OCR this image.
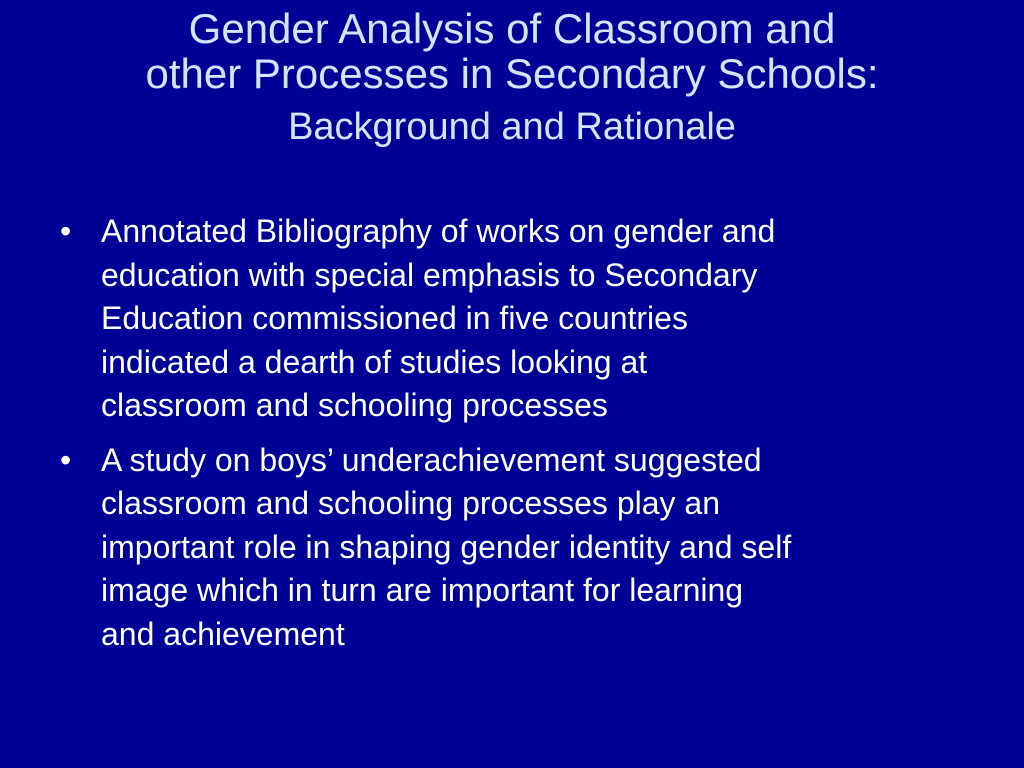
Gender Analysis of Classroom and
other Processes in Secondary Schools:
Background and Rationale
• Annotated Bibliography of works on gender and
education with special emphasis to Secondary
Education commissioned in five countries
indicated a dearth of studies looking at
classroom and schooling processes
• A study on boys’ underachievement suggested
classroom and schooling processes play an
important role in shaping gender identity and self
image which in turn are important for learning
and achievement
